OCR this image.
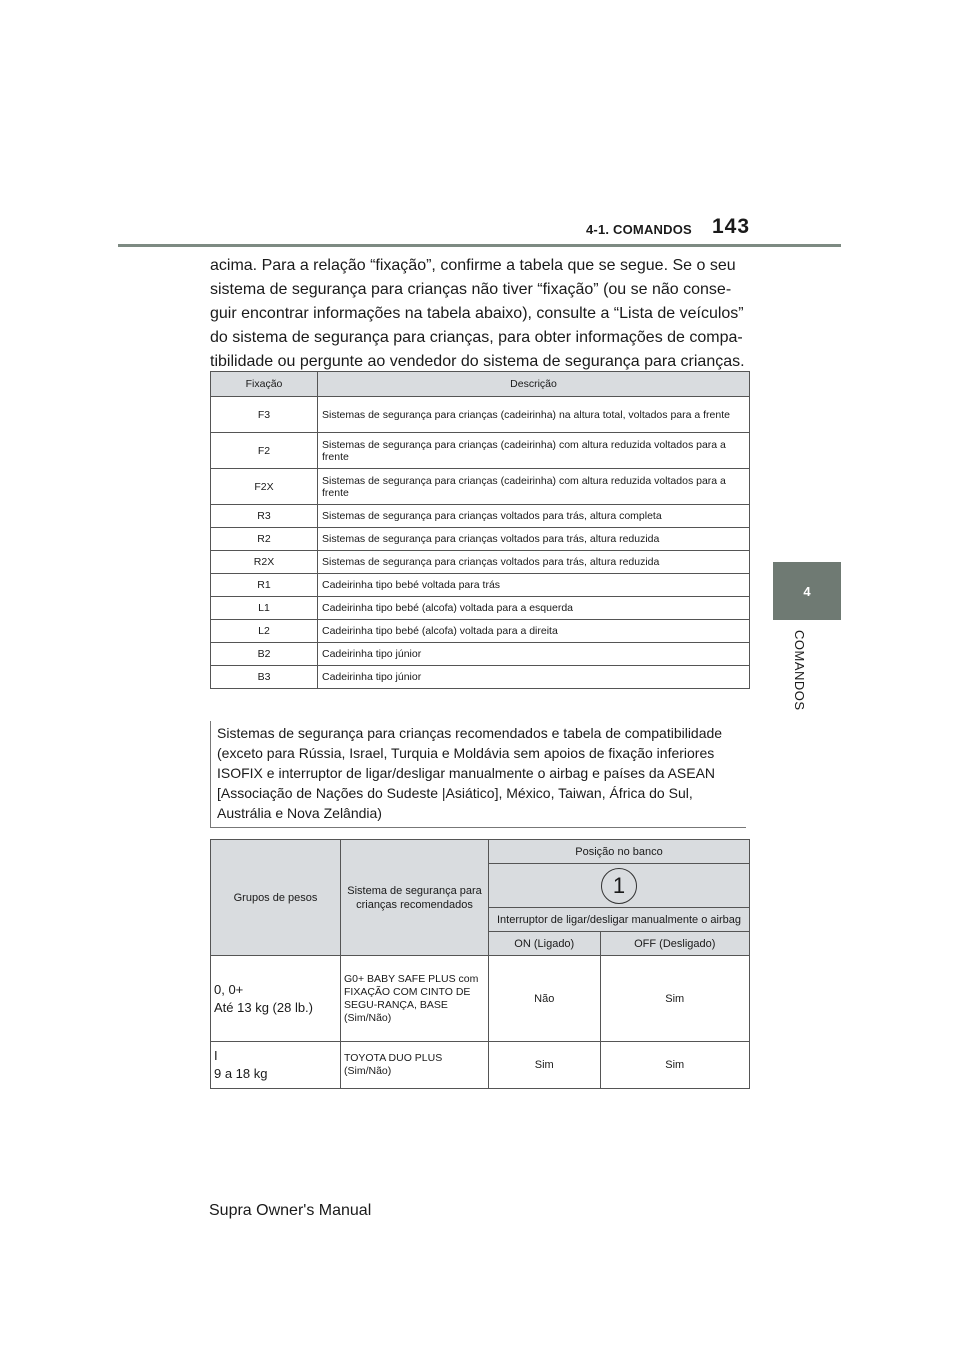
4-1. COMANDOS 143
4
COMANDOS
acima. Para a relação “fixação”, confirme a tabela que se segue. Se o seu
sistema de segurança para crianças não tiver “fixação” (ou se não conse-
guir encontrar informações na tabela abaixo), consulte a “Lista de veículos”
do sistema de segurança para crianças, para obter informações de compa-
tibilidade ou pergunte ao vendedor do sistema de segurança para crianças.
Fixação	Descrição
F3	Sistemas de segurança para crianças (cadeirinha) na altura total, voltados para a frente
F2	Sistemas de segurança para crianças (cadeirinha) com altura reduzida voltados para a frente
F2X	Sistemas de segurança para crianças (cadeirinha) com altura reduzida voltados para a frente
R3	Sistemas de segurança para crianças voltados para trás, altura completa
R2	Sistemas de segurança para crianças voltados para trás, altura reduzida
R2X	Sistemas de segurança para crianças voltados para trás, altura reduzida
R1	Cadeirinha tipo bebé voltada para trás
L1	Cadeirinha tipo bebé (alcofa) voltada para a esquerda
L2	Cadeirinha tipo bebé (alcofa) voltada para a direita
B2	Cadeirinha tipo júnior
B3	Cadeirinha tipo júnior
Sistemas de segurança para crianças recomendados e tabela de compatibilidade
(exceto para Rússia, Israel, Turquia e Moldávia sem apoios de fixação inferiores
ISOFIX e interruptor de ligar/desligar manualmente o airbag e países da ASEAN
[Associação de Nações do Sudeste |Asiático], México, Taiwan, África do Sul,
Austrália e Nova Zelândia)
Grupos de pesos	Sistema de segurança para crianças recomendados	Posição no banco	
		1	
		Interruptor de ligar/desligar manualmente o airbag	
		ON (Ligado)	OFF (Desligado)

0, 0+
Até 13 kg (28 lb.)	G0+ BABY SAFE PLUS com FIXAÇÃO COM CINTO DE SEGU-RANÇA, BASE (Sim/Não)	Não	Sim

I
9 a 18 kg	TOYOTA DUO PLUS (Sim/Não)	Sim	Sim
Supra Owner's Manual
